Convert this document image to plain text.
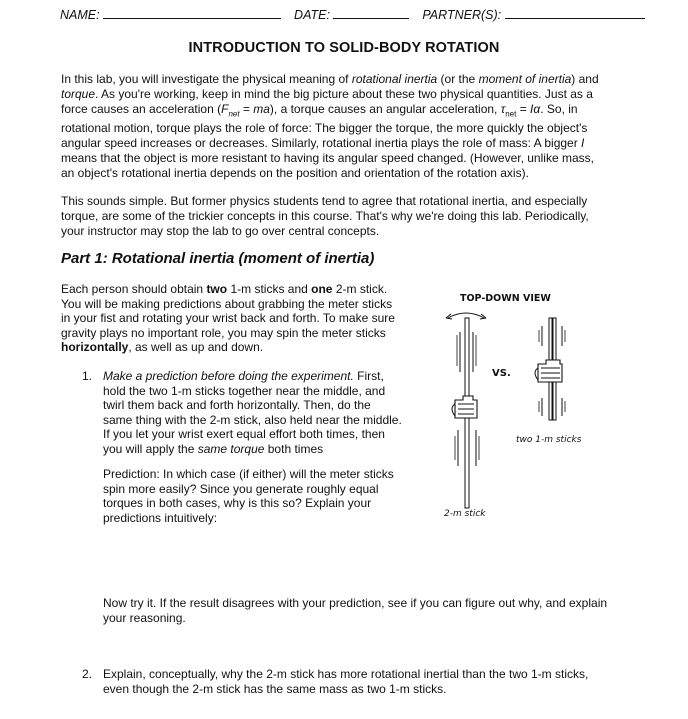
NAME:	DATE:	PARTNER(S):
INTRODUCTION TO SOLID-BODY ROTATION
In this lab, you will investigate the physical meaning of rotational inertia (or the moment of inertia) and
torque. As you're working, keep in mind the big picture about these two physical quantities. Just as a
force causes an acceleration $(F_{net} = ma)$, a torque causes an angular acceleration, $\tau_{net} = I\alpha$. So, in
rotational motion, torque plays the role of force: The bigger the torque, the more quickly the object's
angular speed increases or decreases. Similarly, rotational inertia plays the role of mass: A bigger I
means that the object is more resistant to having its angular speed changed. (However, unlike mass,
an object's rotational inertia depends on the position and orientation of the rotation axis).
This sounds simple. But former physics students tend to agree that rotational inertia, and especially
torque, are some of the trickier concepts in this course. That's why we're doing this lab. Periodically,
your instructor may stop the lab to go over central concepts.
Part 1: Rotational inertia (moment of inertia)
Each person should obtain two 1-m sticks and one 2-m stick.
You will be making predictions about grabbing the meter sticks
in your fist and rotating your wrist back and forth. To make sure
gravity plays no important role, you may spin the meter sticks
horizontally, as well as up and down.
1. Make a prediction before doing the experiment. First,
hold the two 1-m sticks together near the middle, and
twirl them back and forth horizontally. Then, do the
same thing with the 2-m stick, also held near the middle.
If you let your wrist exert equal effort both times, then
you will apply the same torque both times
Prediction: In which case (if either) will the meter sticks
spin more easily? Since you generate roughly equal
torques in both cases, why is this so? Explain your
predictions intuitively:
Now try it. If the result disagrees with your prediction, see if you can figure out why, and explain
your reasoning.
2. Explain, conceptually, why the 2-m stick has more rotational inertial than the two 1-m sticks,
even though the 2-m stick has the same mass as two 1-m sticks.
TOP-DOWN VIEW
VS.
two 1-m sticks
2-m stick
